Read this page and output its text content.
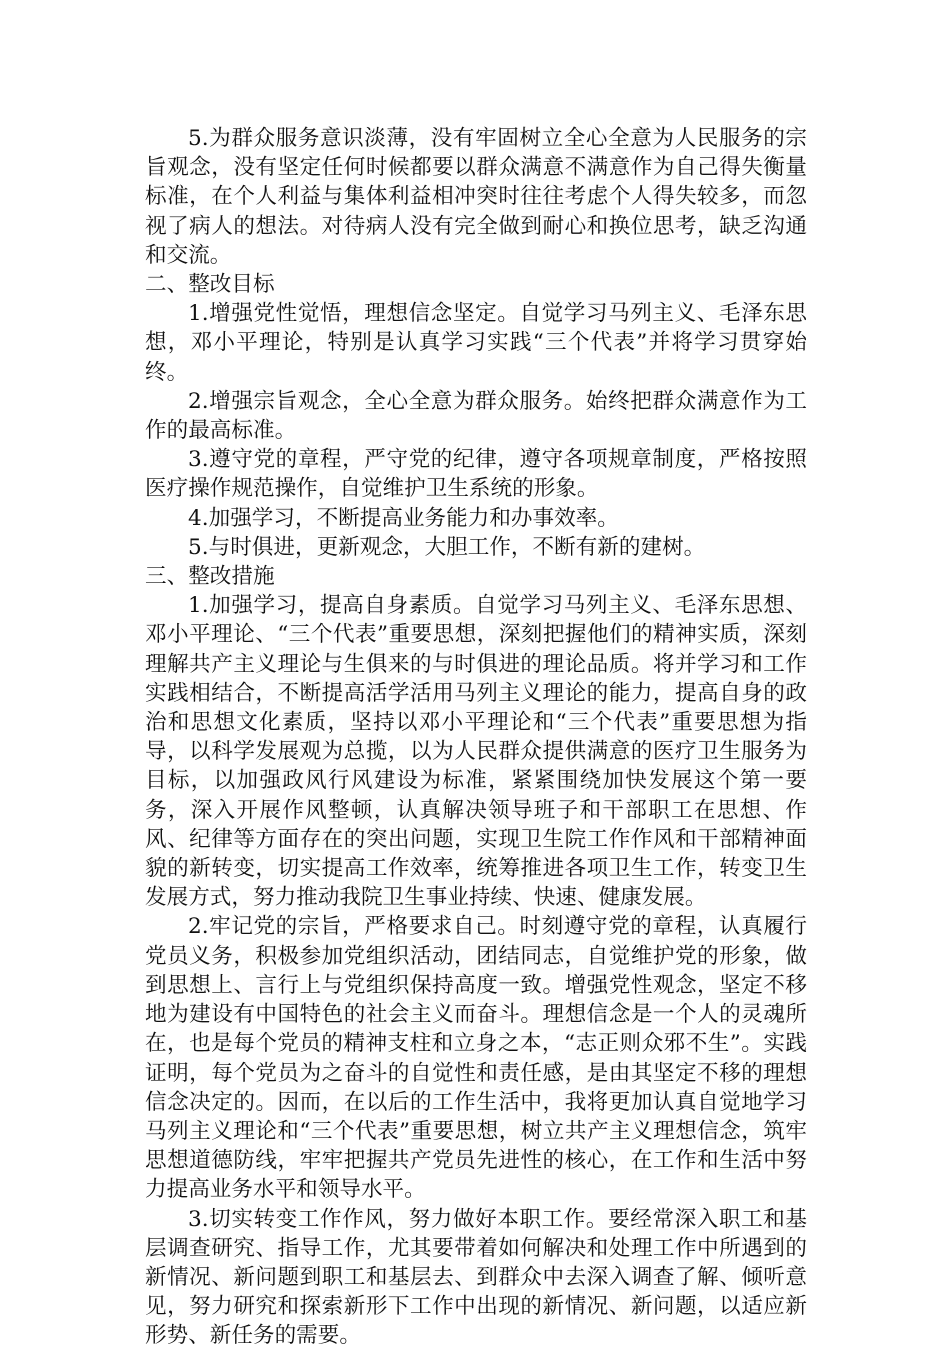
5.为群众服务意识淡薄，没有牢固树立全心全意为人民服务的宗旨观念，没有坚定任何时候都要以群众满意不满意作为自己得失衡量标准，在个人利益与集体利益相冲突时往往考虑个人得失较多，而忽视了病人的想法。对待病人没有完全做到耐心和换位思考，缺乏沟通和交流。

二、整改目标

1.增强党性觉悟，理想信念坚定。自觉学习马列主义、毛泽东思想，邓小平理论，特别是认真学习实践“三个代表”并将学习贯穿始终。

2.增强宗旨观念，全心全意为群众服务。始终把群众满意作为工作的最高标准。

3.遵守党的章程，严守党的纪律，遵守各项规章制度，严格按照医疗操作规范操作，自觉维护卫生系统的形象。

4.加强学习，不断提高业务能力和办事效率。

5.与时俱进，更新观念，大胆工作，不断有新的建树。

三、整改措施

1.加强学习，提高自身素质。自觉学习马列主义、毛泽东思想、邓小平理论、“三个代表”重要思想，深刻把握他们的精神实质，深刻理解共产主义理论与生俱来的与时俱进的理论品质。将并学习和工作实践相结合，不断提高活学活用马列主义理论的能力，提高自身的政治和思想文化素质，坚持以邓小平理论和“三个代表”重要思想为指导，以科学发展观为总揽，以为人民群众提供满意的医疗卫生服务为目标，以加强政风行风建设为标准，紧紧围绕加快发展这个第一要务，深入开展作风整顿，认真解决领导班子和干部职工在思想、作风、纪律等方面存在的突出问题，实现卫生院工作作风和干部精神面貌的新转变，切实提高工作效率，统筹推进各项卫生工作，转变卫生发展方式，努力推动我院卫生事业持续、快速、健康发展。

2.牢记党的宗旨，严格要求自己。时刻遵守党的章程，认真履行党员义务，积极参加党组织活动，团结同志，自觉维护党的形象，做到思想上、言行上与党组织保持高度一致。增强党性观念，坚定不移地为建设有中国特色的社会主义而奋斗。理想信念是一个人的灵魂所在，也是每个党员的精神支柱和立身之本，“志正则众邪不生”。实践证明，每个党员为之奋斗的自觉性和责任感，是由其坚定不移的理想信念决定的。因而，在以后的工作生活中，我将更加认真自觉地学习马列主义理论和“三个代表”重要思想，树立共产主义理想信念，筑牢思想道德防线，牢牢把握共产党员先进性的核心，在工作和生活中努力提高业务水平和领导水平。

3.切实转变工作作风，努力做好本职工作。要经常深入职工和基层调查研究、指导工作，尤其要带着如何解决和处理工作中所遇到的新情况、新问题到职工和基层去、到群众中去深入调查了解、倾听意见，努力研究和探索新形下工作中出现的新情况、新问题，以适应新形势、新任务的需要。
